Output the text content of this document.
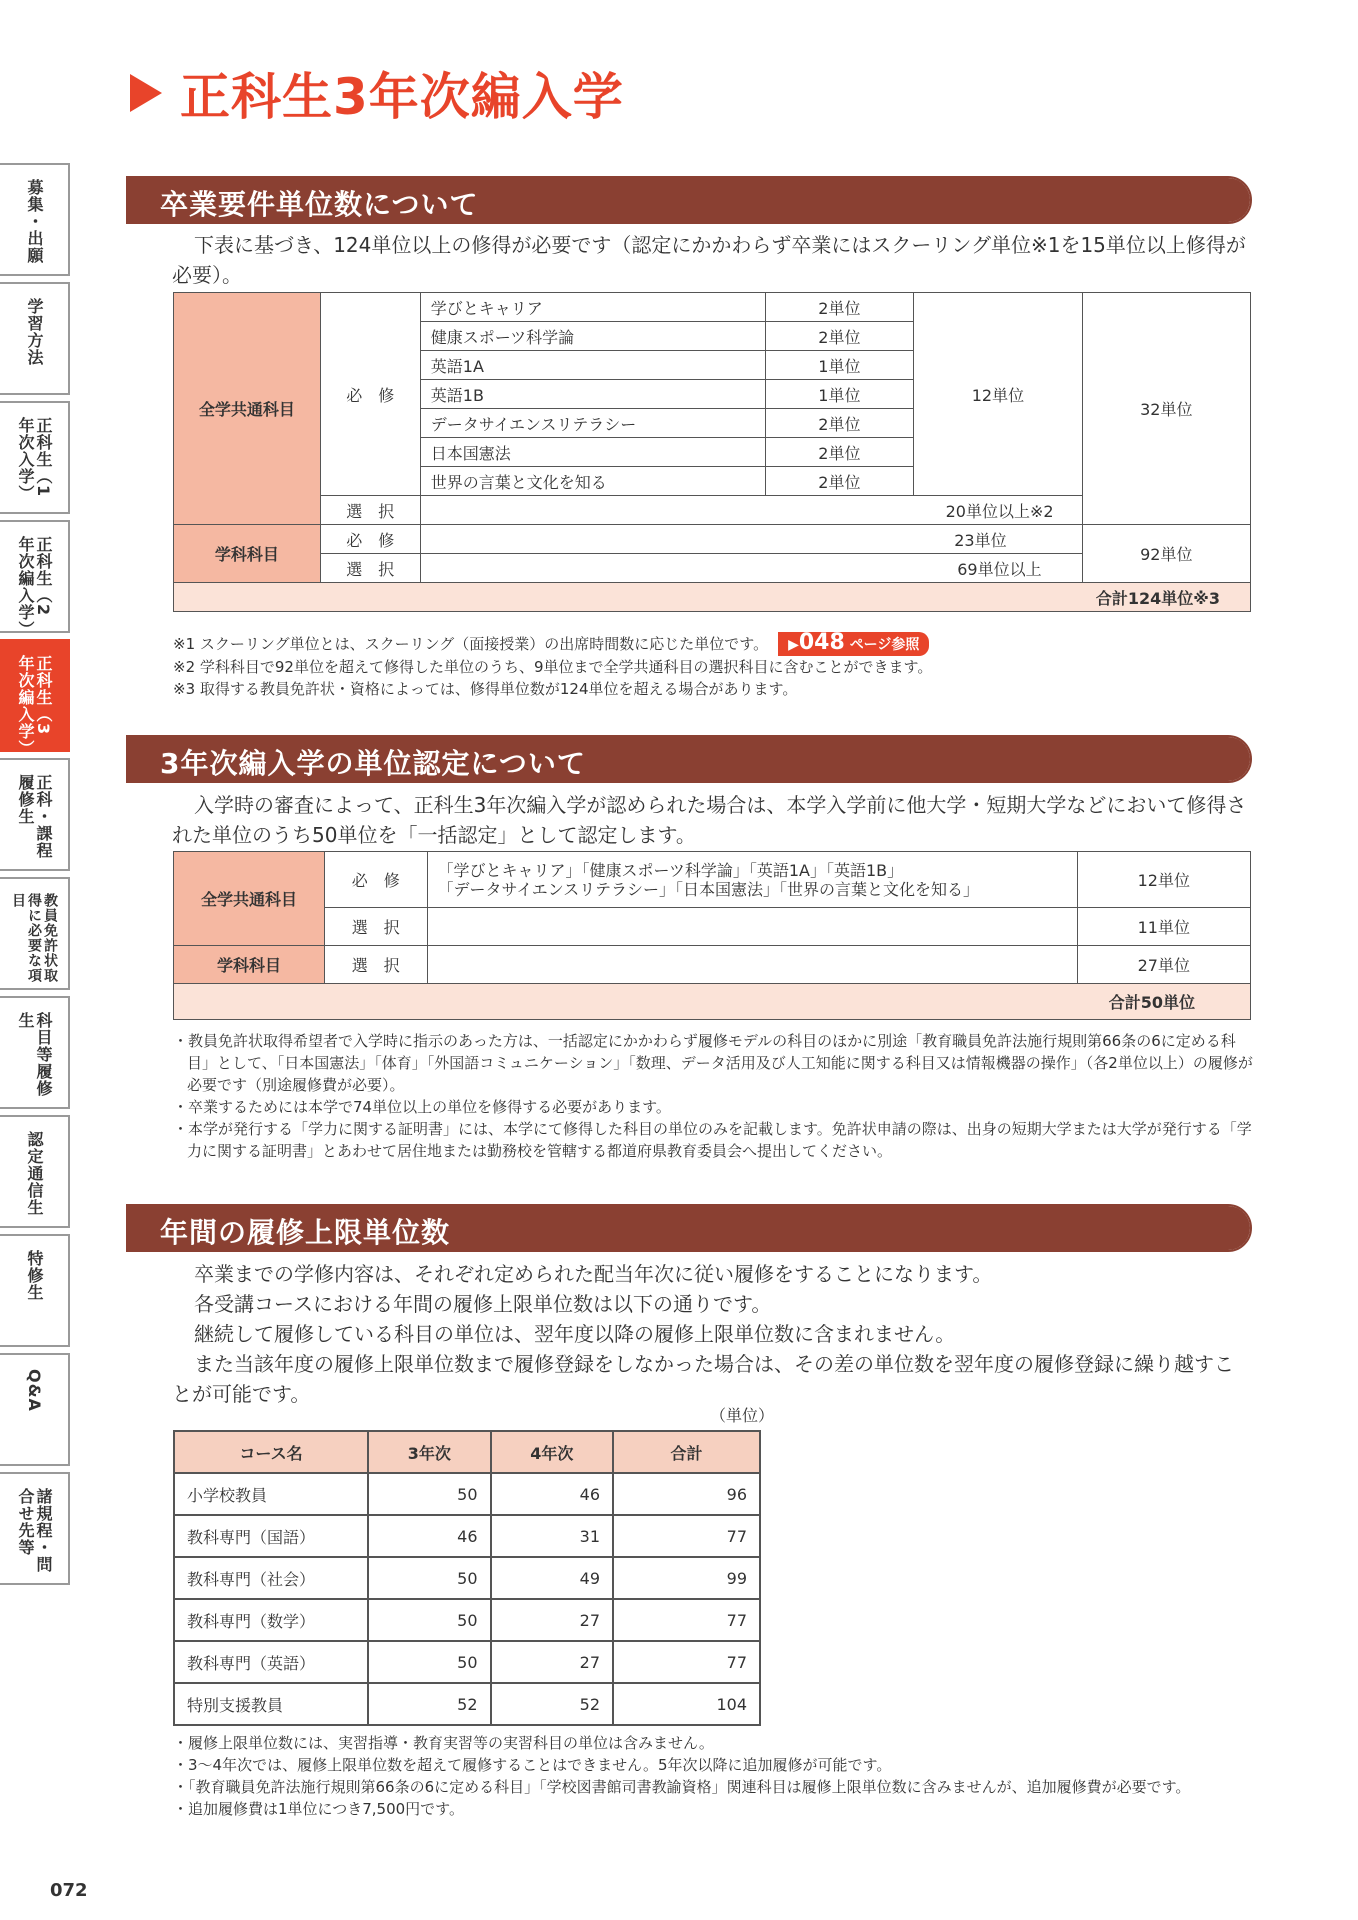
正科生3年次編入学
募集・出願
学習方法
正科生（1年次入学）
正科生（2年次編入学）
正科生（3年次編入学）
正科・課程履修生
教員免許状取得に必要な項目
科目等履修生
認定通信生
特修生
Q&A
諸規程・問合せ先等
卒業要件単位数について

下表に基づき、124単位以上の修得が必要です（認定にかかわらず卒業にはスクーリング単位※1を15単位以上修得が必要）。

全学共通科目	必　修	学びとキャリア	2単位	12単位	32単位
		健康スポーツ科学論	2単位		
		英語1A	1単位		
		英語1B	1単位		
		データサイエンスリテラシー	2単位		
		日本国憲法	2単位		
		世界の言葉と文化を知る	2単位		
	選　択	20単位以上※2			
学科科目	必　修	23単位			92単位
	選　択	69単位以上			
合計124単位※3					
※1 スクーリング単位とは、スクーリング（面接授業）の出席時間数に応じた単位です。 ▶048 ページ参照
※2 学科科目で92単位を超えて修得した単位のうち、9単位まで全学共通科目の選択科目に含むことができます。
※3 取得する教員免許状・資格によっては、修得単位数が124単位を超える場合があります。
3年次編入学の単位認定について

入学時の審査によって、正科生3年次編入学が認められた場合は、本学入学前に他大学・短期大学などにおいて修得された単位のうち50単位を「一括認定」として認定します。

全学共通科目	必　修	「学びとキャリア」「健康スポーツ科学論」「英語1A」「英語1B」
「データサイエンスリテラシー」「日本国憲法」「世界の言葉と文化を知る」	12単位
	選　択		11単位
学科科目	選　択		27単位
合計50単位			
・教員免許状取得希望者で入学時に指示のあった方は、一括認定にかかわらず履修モデルの科目のほかに別途「教育職員免許法施行規則第66条の6に定める科目」として、「日本国憲法」「体育」「外国語コミュニケーション」「数理、データ活用及び人工知能に関する科目又は情報機器の操作」（各2単位以上）の履修が必要です（別途履修費が必要）。
・卒業するためには本学で74単位以上の単位を修得する必要があります。
・本学が発行する「学力に関する証明書」には、本学にて修得した科目の単位のみを記載します。免許状申請の際は、出身の短期大学または大学が発行する「学力に関する証明書」とあわせて居住地または勤務校を管轄する都道府県教育委員会へ提出してください。
年間の履修上限単位数

卒業までの学修内容は、それぞれ定められた配当年次に従い履修をすることになります。

各受講コースにおける年間の履修上限単位数は以下の通りです。

継続して履修している科目の単位は、翌年度以降の履修上限単位数に含まれません。

また当該年度の履修上限単位数まで履修登録をしなかった場合は、その差の単位数を翌年度の履修登録に繰り越すことが可能です。

（単位）
コース名	3年次	4年次	合計
小学校教員	50	46	96
教科専門（国語）	46	31	77
教科専門（社会）	50	49	99
教科専門（数学）	50	27	77
教科専門（英語）	50	27	77
特別支援教員	52	52	104
・履修上限単位数には、実習指導・教育実習等の実習科目の単位は含みません。
・3～4年次では、履修上限単位数を超えて履修することはできません。5年次以降に追加履修が可能です。
・「教育職員免許法施行規則第66条の6に定める科目」「学校図書館司書教諭資格」関連科目は履修上限単位数に含みませんが、追加履修費が必要です。
・追加履修費は1単位につき7,500円です。
072
